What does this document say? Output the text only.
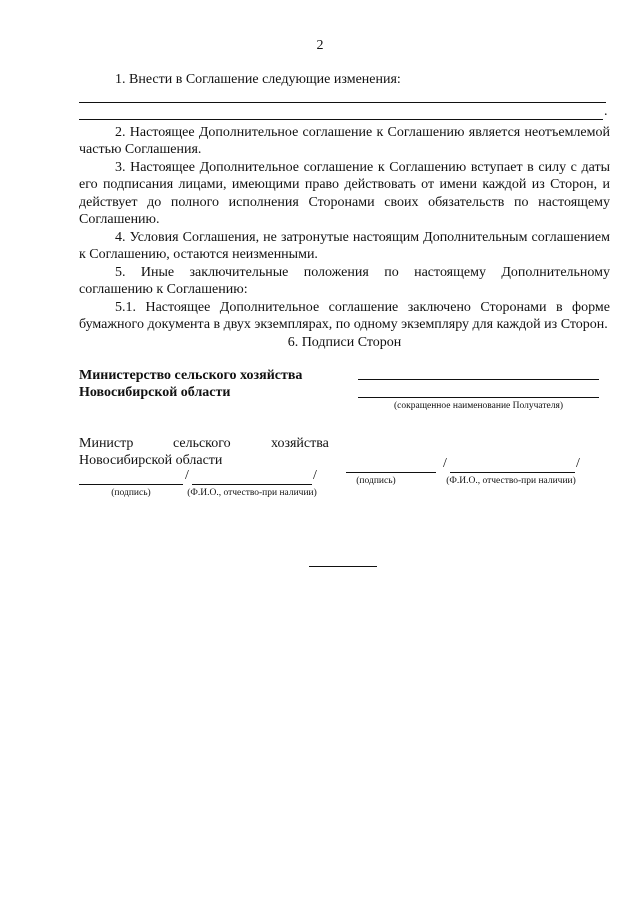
2

1. Внести в Соглашение следующие изменения:

.

2. Настоящее Дополнительное соглашение к Соглашению является неотъемлемой частью Соглашения.

3. Настоящее Дополнительное соглашение к Соглашению вступает в силу с даты его подписания лицами, имеющими право действовать от имени каждой из Сторон, и действует до полного исполнения Сторонами своих обязательств по настоящему Соглашению.

4. Условия Соглашения, не затронутые настоящим Дополнительным соглашением к Соглашению, остаются неизменными.

5. Иные заключительные положения по настоящему Дополнительному соглашению к Соглашению:

5.1. Настоящее Дополнительное соглашение заключено Сторонами в форме бумажного документа в двух экземплярах, по одному экземпляру для каждой из Сторон.

6. Подписи Сторон

Министерство сельского хозяйства
Новосибирской области
(сокращенное наименование Получателя)
Министр	сельского	хозяйства
Новосибирской области
/	/
(подпись)	(Ф.И.О., отчество-при наличии)
/	/
(подпись)	(Ф.И.О., отчество-при наличии)
